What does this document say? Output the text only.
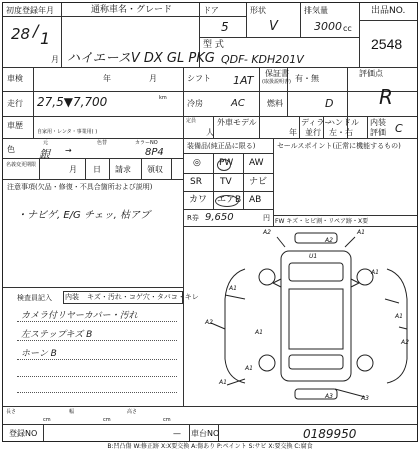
初度登録年月
28 / 1
月
通称車名・グレード
ハイエースV DX GL PKG
ドア
5
形状
V
排気量
3000 cc
型 式
QDF- KDH201V
出品NO.
2548
車検	年	月	シフト 1AT
保証書
(取扱説明書) 有・無
評価点
R
走行 27,5▼7,700	km
冷房	AC	燃料	D
車歴
自家用・レンタ・事業用( )
定員
人
外車モデル
年
ディラー
並行
ハンドル
左・右
内装
評価 C
色
元
銀 →
色替	カラーNO
8P4
名義変更期限	月 日 請求 領収
注意事項(欠品・修復・不具合箇所および説明)
・ナビゲ, E/G チェッ, 枯アブ
装備品(純正品に限る)
◎ PW AW
SR TV ナビ
カワ エアB AB
R券 9,650	円
セールスポイント(正常に機能するもの)
FW キズ・ヒビ割・リペア跡・X要
検査員記入 内装 キズ・汚れ・コゲ穴・タバコ・キレ
カメラ付リヤーカバー・汚れ
左ステップキズ B
ホーン B
長さ
cm
幅
cm
高さ
cm
登録NO	— 車台NO	0189950
A2	A1
U1
A1
A2
A1
A2
A3
A1
A1
A2
A1
A1
A3
B:凹凸傷 W:修正跡 X:X要交換 A:傷あり P:ペイント S:サビ X:要交換 C:腐食
